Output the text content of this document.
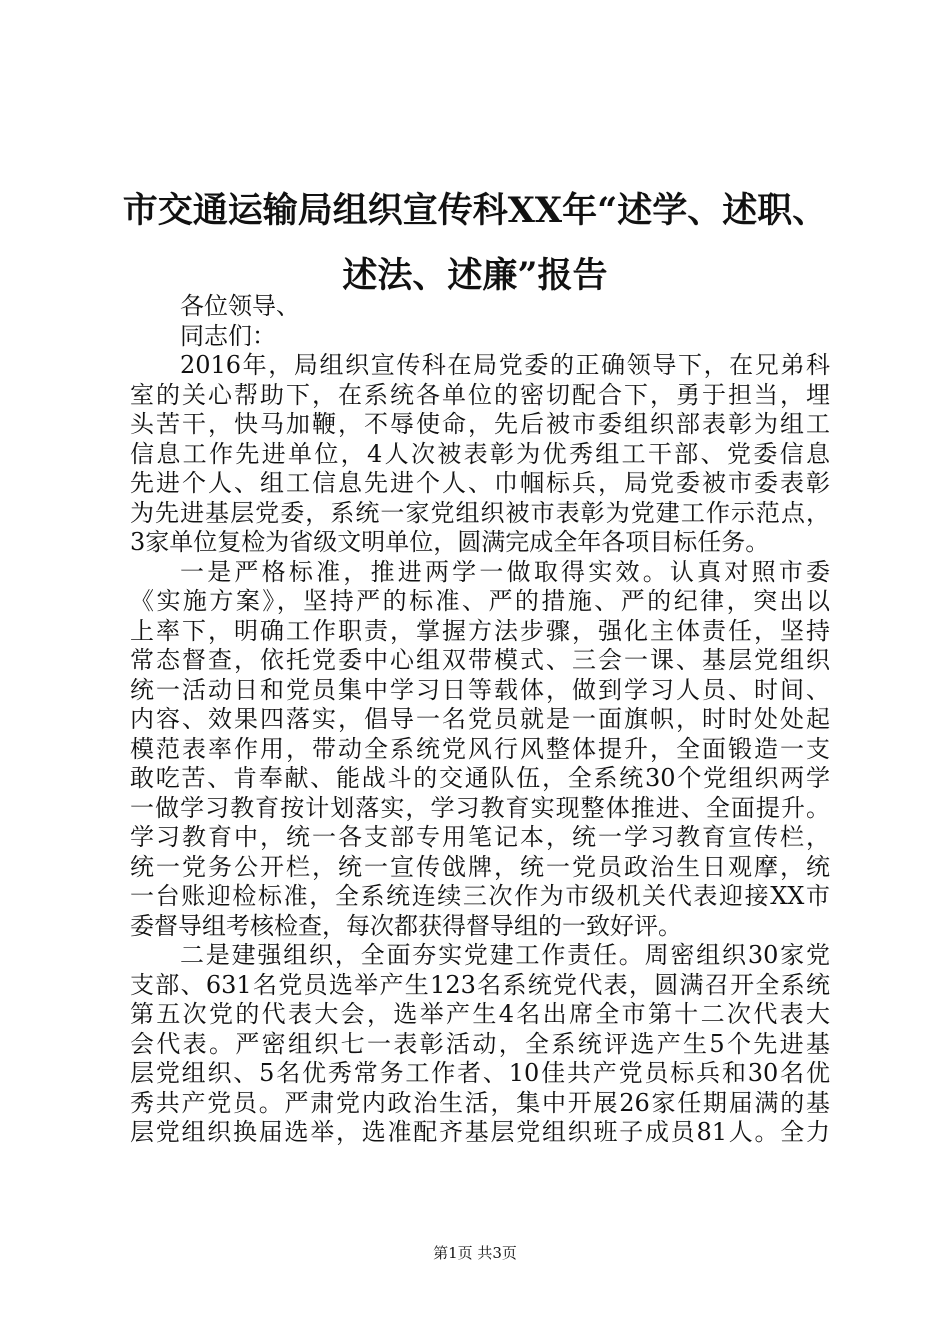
市交通运输局组织宣传科XX年“述学、述职、
述法、述廉”报告
各位领导、
同志们：
2016年，局组织宣传科在局党委的正确领导下，在兄弟科
室的关心帮助下，在系统各单位的密切配合下，勇于担当，埋
头苦干，快马加鞭，不辱使命，先后被市委组织部表彰为组工
信息工作先进单位，4人次被表彰为优秀组工干部、党委信息
先进个人、组工信息先进个人、巾帼标兵，局党委被市委表彰
为先进基层党委，系统一家党组织被市表彰为党建工作示范点，
3家单位复检为省级文明单位，圆满完成全年各项目标任务。
一是严格标准，推进两学一做取得实效。认真对照市委
《实施方案》，坚持严的标准、严的措施、严的纪律，突出以
上率下，明确工作职责，掌握方法步骤，强化主体责任，坚持
常态督查，依托党委中心组双带模式、三会一课、基层党组织
统一活动日和党员集中学习日等载体，做到学习人员、时间、
内容、效果四落实，倡导一名党员就是一面旗帜，时时处处起
模范表率作用，带动全系统党风行风整体提升，全面锻造一支
敢吃苦、肯奉献、能战斗的交通队伍，全系统30个党组织两学
一做学习教育按计划落实，学习教育实现整体推进、全面提升。
学习教育中，统一各支部专用笔记本，统一学习教育宣传栏，
统一党务公开栏，统一宣传戗牌，统一党员政治生日观摩，统
一台账迎检标准，全系统连续三次作为市级机关代表迎接XX市
委督导组考核检查，每次都获得督导组的一致好评。
二是建强组织，全面夯实党建工作责任。周密组织30家党
支部、631名党员选举产生123名系统党代表，圆满召开全系统
第五次党的代表大会，选举产生4名出席全市第十二次代表大
会代表。严密组织七一表彰活动，全系统评选产生5个先进基
层党组织、5名优秀常务工作者、10佳共产党员标兵和30名优
秀共产党员。严肃党内政治生活，集中开展26家任期届满的基
层党组织换届选举，选准配齐基层党组织班子成员81人。全力
第1页 共3页
